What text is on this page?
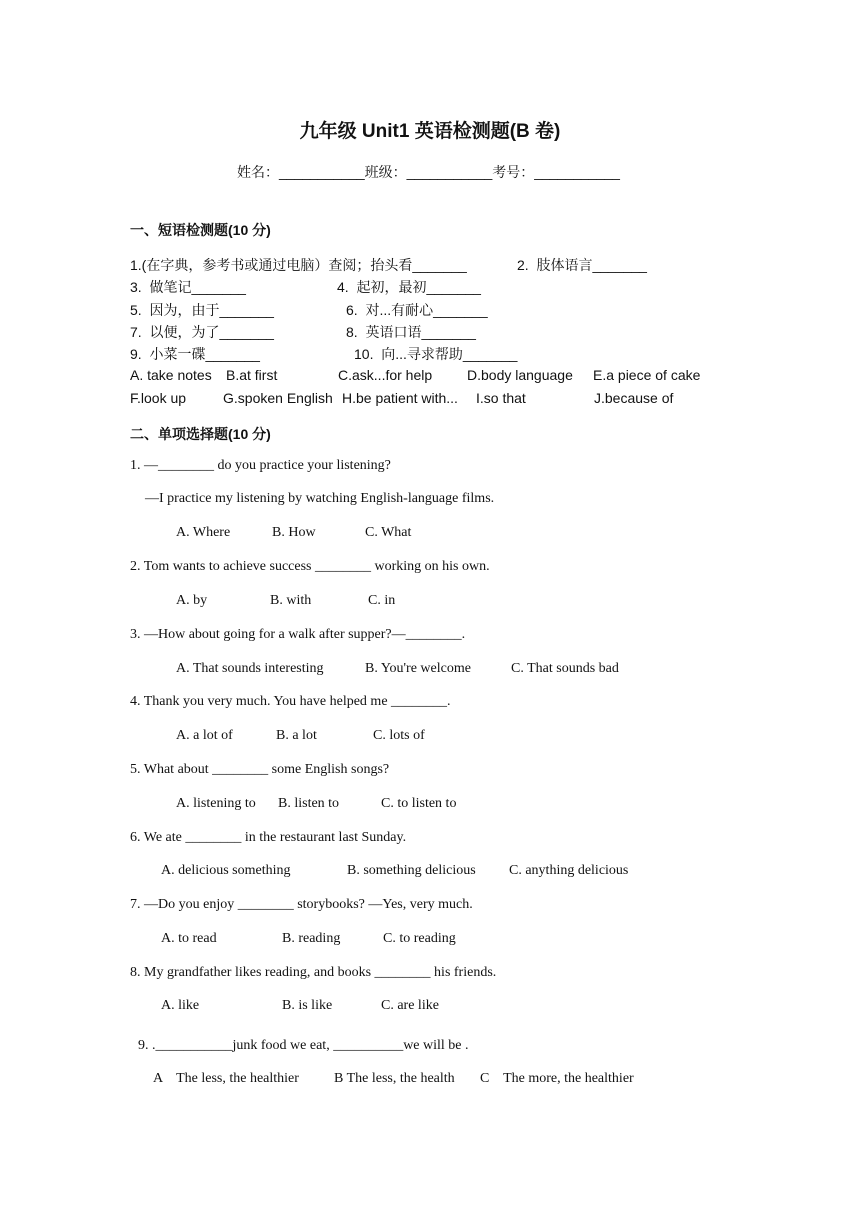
九年级 Unit1 英语检测题(B 卷)
姓名：___________班级：___________考号：___________
一、短语检测题(10 分)
1.(在字典，参考书或通过电脑）查阅；抬头看_______	2.  肢体语言_______
3.  做笔记_______	4.  起初，最初_______
5.  因为，由于_______	6.  对...有耐心_______
7.  以便，为了_______	8.  英语口语_______
9.  小菜一碟_______	10.  向...寻求帮助_______
A. take notes B.at first	C.ask...for help D.body language E.a piece of cake
F.look up	G.spoken English H.be patient with... I.so that	J.because of
二、单项选择题(10 分)
1. —________ do you practice your listening?
—I practice my listening by watching English-language films.
A. Where	B. How	C. What
2. Tom wants to achieve success ________ working on his own.
A. by	B. with	C. in
3. —How about going for a walk after supper?—________.
A. That sounds interesting	B. You're welcome	C. That sounds bad
4. Thank you very much. You have helped me ________.
A. a lot of	B. a lot	C. lots of
5. What about ________ some English songs?
A. listening to B. listen to	C. to listen to
6. We ate ________ in the restaurant last Sunday.
A. delicious something	B. something delicious C. anything delicious
7. —Do you enjoy ________ storybooks? —Yes, very much.
A. to read	B. reading	C. to reading
8. My grandfather likes reading, and books ________ his friends.
A. like	B. is like	C. are like
9. .___________junk food we eat, __________we will be .
A    The less, the healthier	B The less, the health C    The more, the healthier
